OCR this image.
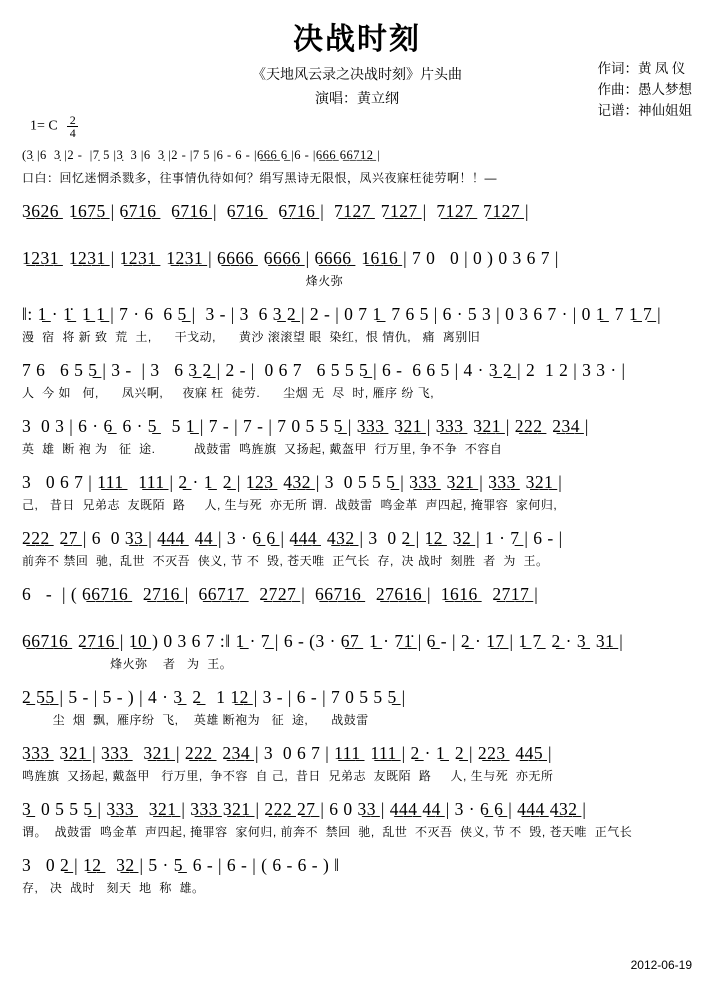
决战时刻
《天地风云录之决战时刻》片头曲
演唱：黄立纲
作词：黄 凤 仪
作曲：愚人梦想
记谱：神仙姐姐
1= C $\frac{2}{4}$
(3̣ |6  3̣ |2 -  |7̣ 5 |3̣  3 |6  3̣ |2 - |7 5 |6 - 6 - |6̲6̲6̲ 6̲ |6 - |6̲6̲6̲ 6̲6̲7̲1̲2̲ |
口白：回忆迷惘杀戮多，往事情仇待如何？绢写黑诗无限恨，凤兴夜寐枉徒劳啊！！—
3̲6̲2̲6̲  1̲6̲7̲5̲ | 6̲7̲1̲6̲   6̲7̲1̲6̲ |  6̲7̲1̲6̲   6̲7̲1̲6̲ |  7̲1̲2̲7̲  7̲1̲2̲7̲ |  7̲1̲2̲7̲  7̲1̲2̲7̲ |
1̲2̲3̲1̲  1̲2̲3̲1̲ | 1̲2̲3̲1̲  1̲2̲3̲1̲ | 6̲6̲6̲6̲  6̲6̲6̲6̲ | 6̲6̲6̲6̲  1̲6̲1̲6̲ | 7 0   0 | 0 ) 0 3 6 7 |
烽火弥
‖: 1̲ · 1̲̇  1̲ 1̲ | 7 · 6  6 5̲ |  3 - | 3  6 3̲ 2̲ | 2 - | 0 7 1̲  7 6 5 | 6 · 5 3 | 0 3 6 7 · | 0 1̲  7 1̲ 7̲ |
漫  宿  将 新 致  荒  土,      干戈动,      黄沙 滚滚望 眼  染红,  恨 情仇,   痛  离别旧
7 6   6 5 5̲ | 3 -  | 3   6 3̲ 2̲ | 2 - |  0 6 7   6 5 5 5̲ | 6 -  6 6 5 | 4 · 3̲ 2̲ | 2  1 2 | 3 3 · |
人  今 如   何,      凤兴啊,     夜寐 枉  徒劳.      尘烟 无  尽  时, 雁序 纷 飞,
3  0 3 | 6 · 6̲  6 · 5̲   5 1̲ | 7 - | 7 - | 7 0 5 5 5̲ | 3̲3̲3̲  3̲2̲1̲ | 3̲3̲3̲  3̲2̲1̲ | 2̲2̲2̲  2̲3̲4̲ |
英  雄  断 袍 为   征  途.          战鼓雷  鸣旌旗  又扬起, 戴盔甲  行万里, 争不争  不容自
3   0 6 7 | 1̲1̲1̲   1̲1̲1̲ | 2̲ · 1̲  2̲ | 1̲2̲3̲  4̲3̲2̲ | 3  0 5 5 5̲ | 3̲3̲3̲  3̲2̲1̲ | 3̲3̲3̲  3̲2̲1̲ |
己,   昔日  兄弟志  友既陌  路     人, 生与死  亦无所 谓.  战鼓雷  鸣金革  声四起, 掩罪容  家何归,
2̲2̲2̲  2̲7̲ | 6  0 3̲3̲ | 4̲4̲4̲  4̲4̲ | 3 · 6̲ 6̲ | 4̲4̲4̲  4̲3̲2̲ | 3  0 2̲ | 1̲2̲  3̲2̲ | 1 · 7̲ | 6 - |
前奔不 禁回  驰,  乱世  不灭吾  侠义, 节 不  毁, 苍天唯  正气长  存,  决 战时  刻胜  者  为  王。
6   -  | ( 6̲6̲7̲1̲6̲   2̲7̲1̲6̲ |  6̲6̲7̲1̲7̲   2̲7̲2̲7̲ |  6̲6̲7̲1̲6̲   2̲7̲6̲1̲6̲ |  1̲6̲1̲6̲   2̲7̲1̲7̲ |
6̲6̲7̲1̲6̲  2̲7̲1̲6̲ | 1̲0̲ ) 0 3 6 7 :‖ 1̲ · 7̲ | 6 - (3 · 6̲7̲  1̲ · 7̲1̲̇ | 6̲ - | 2̲ · 1̲7̲ | 1̲ 7̲  2̲ · 3̲  3̲1̲ |
烽火弥    者   为  王。
2̲ 5̲5̲ | 5 - | 5 - ) | 4 · 3̲  2̲   1 1̲2̲ | 3 - | 6 - | 7 0 5 5 5̲ |
尘  烟  飘,  雁序纷  飞,    英雄 断袍为   征  途,      战鼓雷
3̲3̲3̲  3̲2̲1̲ | 3̲3̲3̲   3̲2̲1̲ | 2̲2̲2̲  2̲3̲4̲ | 3  0 6 7 | 1̲1̲1̲  1̲1̲1̲ | 2̲ · 1̲  2̲ | 2̲2̲3̲  4̲4̲5̲ |
鸣旌旗  又扬起, 戴盔甲   行万里,  争不容  自 己,  昔日  兄弟志  友既陌  路     人, 生与死  亦无所
3̲  0 5 5 5̲ | 3̲3̲3̲   3̲2̲1̲ | 3̲3̲3̲ 3̲2̲1̲ | 2̲2̲2̲ 2̲7̲ | 6 0 3̲3̲ | 4̲4̲4̲ 4̲4̲ | 3 · 6̲ 6̲ | 4̲4̲4̲ 4̲3̲2̲ |
谓。  战鼓雷  鸣金革  声四起, 掩罪容  家何归, 前奔不  禁回  驰,  乱世  不灭吾  侠义, 节 不  毁, 苍天唯  正气长
3   0 2̲ | 1̲2̲   3̲2̲ | 5 · 5̲  6 - | 6 - | ( 6 - 6 - ) ‖
存,   决  战时   刻天  地  称  雄。
2012-06-19
